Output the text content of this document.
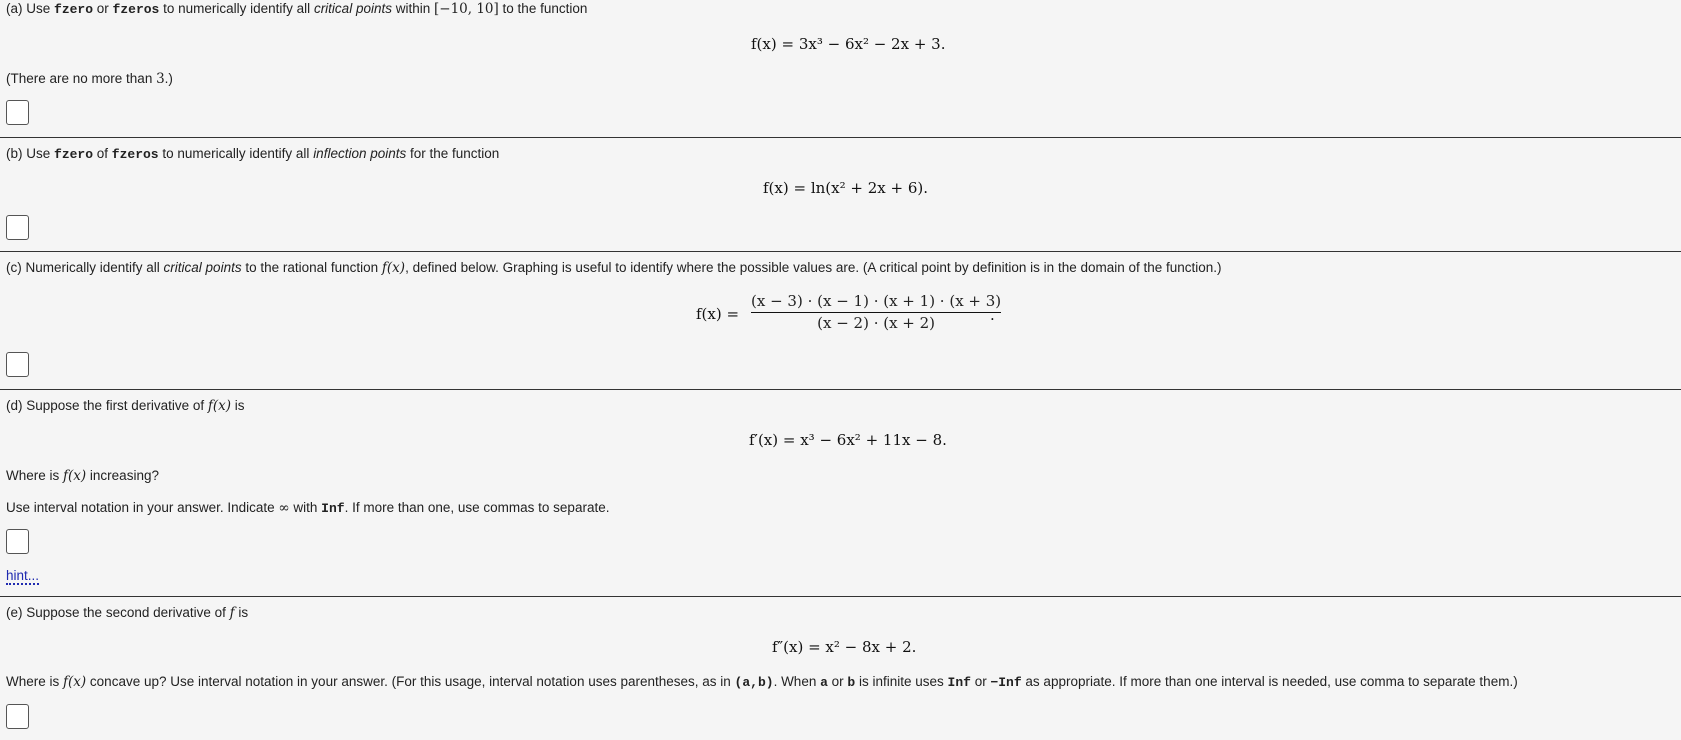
(a) Use fzero or fzeros to numerically identify all critical points within [−10, 10] to the function
f(x) = 3x³ − 6x² − 2x + 3.
(There are no more than 3.)
(b) Use fzero of fzeros to numerically identify all inflection points for the function
f(x) = ln(x² + 2x + 6).
(c) Numerically identify all critical points to the rational function f(x), defined below. Graphing is useful to identify where the possible values are. (A critical point by definition is in the domain of the function.)
f(x) =
(x − 3) · (x − 1) · (x + 1) · (x + 3)
(x − 2) · (x + 2)	.
(d) Suppose the first derivative of f(x) is
f′(x) = x³ − 6x² + 11x − 8.
Where is f(x) increasing?
Use interval notation in your answer. Indicate ∞ with Inf. If more than one, use commas to separate.
hint...
(e) Suppose the second derivative of f is
f″(x) = x² − 8x + 2.
Where is f(x) concave up? Use interval notation in your answer. (For this usage, interval notation uses parentheses, as in (a,b). When a or b is infinite uses Inf or −Inf as appropriate. If more than one interval is needed, use comma to separate them.)
